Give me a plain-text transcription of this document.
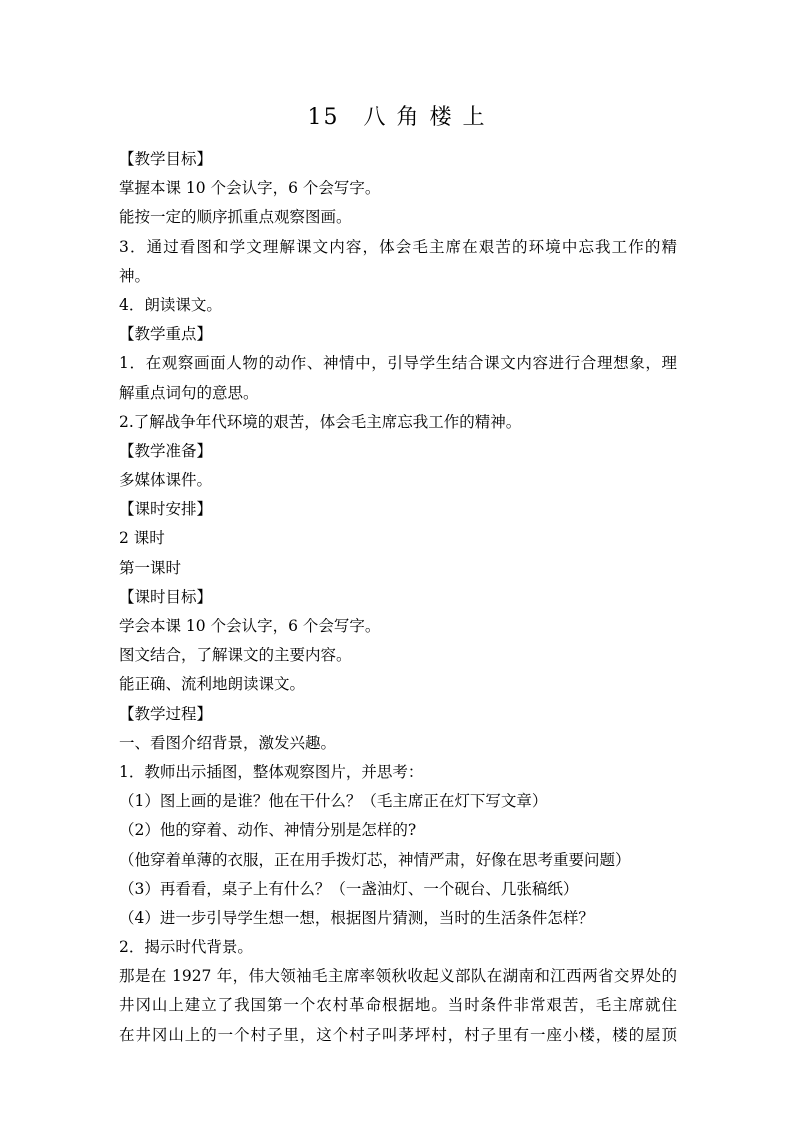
15　八 角 楼 上
【教学目标】
掌握本课 10 个会认字，6 个会写字。
能按一定的顺序抓重点观察图画。
3．通过看图和学文理解课文内容，体会毛主席在艰苦的环境中忘我工作的精
神。
4．朗读课文。
【教学重点】
1．在观察画面人物的动作、神情中，引导学生结合课文内容进行合理想象，理
解重点词句的意思。
2.了解战争年代环境的艰苦，体会毛主席忘我工作的精神。
【教学准备】
多媒体课件。
【课时安排】
2 课时
第一课时
【课时目标】
学会本课 10 个会认字，6 个会写字。
图文结合，了解课文的主要内容。
能正确、流利地朗读课文。
【教学过程】
一、看图介绍背景，激发兴趣。
1．教师出示插图，整体观察图片，并思考：
（1）图上画的是谁？他在干什么？（毛主席正在灯下写文章）
（2）他的穿着、动作、神情分别是怎样的?
（他穿着单薄的衣服，正在用手拨灯芯，神情严肃，好像在思考重要问题）
（3）再看看，桌子上有什么？（一盏油灯、一个砚台、几张稿纸）
（4）进一步引导学生想一想，根据图片猜测，当时的生活条件怎样？
2．揭示时代背景。
那是在 1927 年，伟大领袖毛主席率领秋收起义部队在湖南和江西两省交界处的
井冈山上建立了我国第一个农村革命根据地。当时条件非常艰苦，毛主席就住
在井冈山上的一个村子里，这个村子叫茅坪村，村子里有一座小楼，楼的屋顶
